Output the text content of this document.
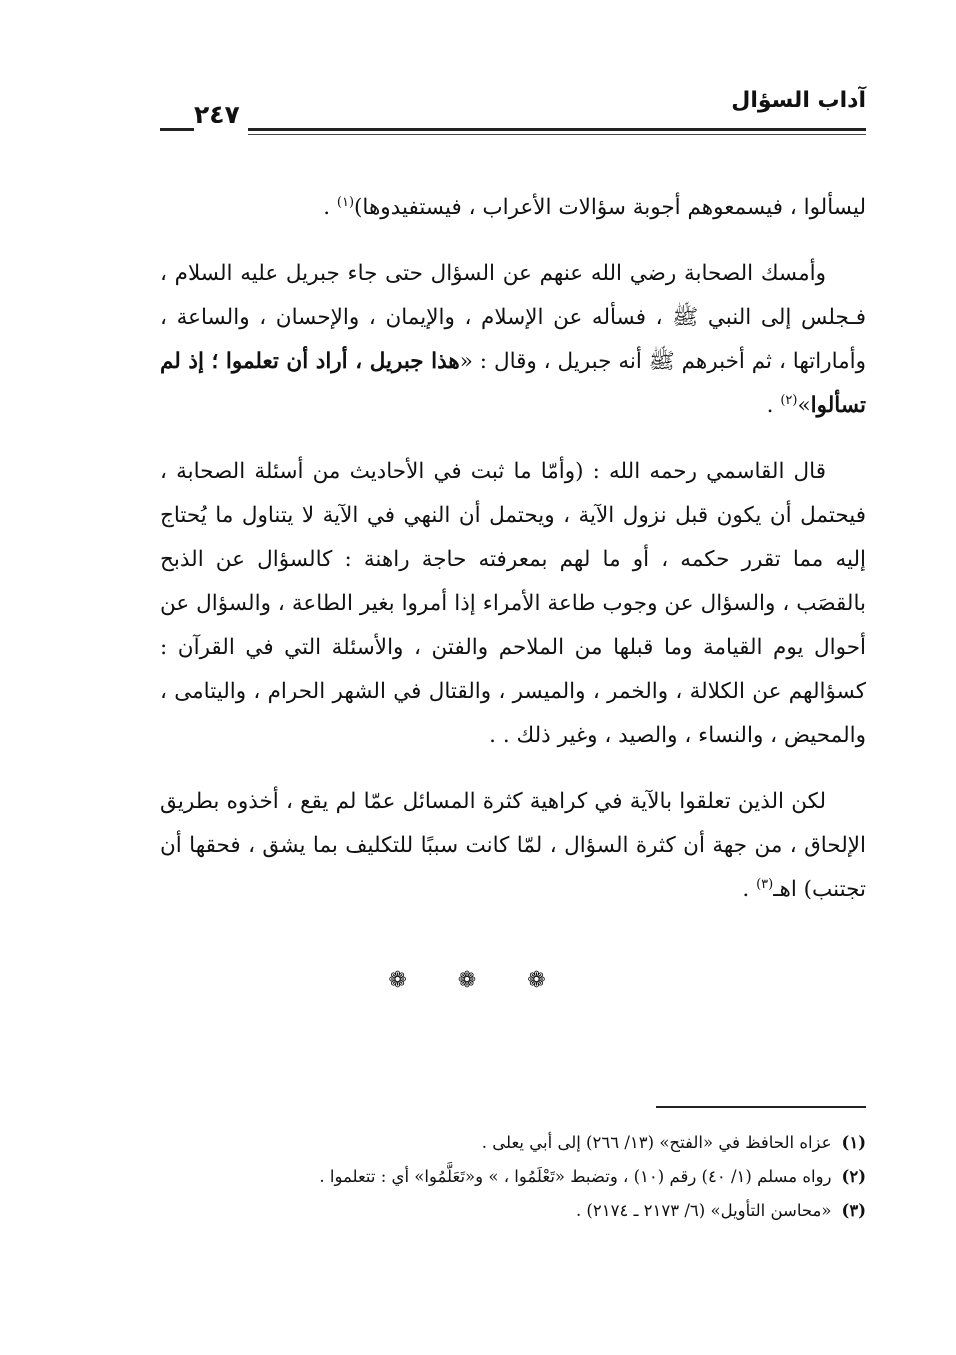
آداب السؤال
٢٤٧

ليسألوا ، فيسمعوهم أجوبة سؤالات الأعراب ، فيستفيدوها)$^{(١)}$ .

وأمسك الصحابة رضي الله عنهم عن السؤال حتى جاء جبريل عليه السلام ، فـجلس إلى النبي ﷺ ، فسأله عن الإسلام ، والإيمان ، والإحسان ، والساعة ، وأماراتها ، ثم أخبرهم ﷺ أنه جبريل ، وقال : «هذا جبريل ، أراد أن تعلموا ؛ إذ لم تسألوا»$^{(٢)}$ .

قال القاسمي رحمه الله : (وأمّا ما ثبت في الأحاديث من أسئلة الصحابة ، فيحتمل أن يكون قبل نزول الآية ، ويحتمل أن النهي في الآية لا يتناول ما يُحتاج إليه مما تقرر حكمه ، أو ما لهم بمعرفته حاجة راهنة : كالسؤال عن الذبح بالقصَب ، والسؤال عن وجوب طاعة الأمراء إذا أمروا بغير الطاعة ، والسؤال عن أحوال يوم القيامة وما قبلها من الملاحم والفتن ، والأسئلة التي في القرآن : كسؤالهم عن الكلالة ، والخمر ، والميسر ، والقتال في الشهر الحرام ، واليتامى ، والمحيض ، والنساء ، والصيد ، وغير ذلك . .

لكن الذين تعلقوا بالآية في كراهية كثرة المسائل عمّا لم يقع ، أخذوه بطريق الإلحاق ، من جهة أن كثرة السؤال ، لمّا كانت سببًا للتكليف بما يشق ، فحقها أن تجتنب) اهـ$^{(٣)}$ .

❁ ❁ ❁
(١)عزاه الحافظ في «الفتح» (١٣/ ٢٦٦) إلى أبي يعلى .
(٢)رواه مسلم (١/ ٤٠) رقم (١٠) ، وتضبط «تَعْلَمُوا ، » و«تَعَلَّمُوا» أي : تتعلموا .
(٣)«محاسن التأويل» (٦/ ٢١٧٣ ـ ٢١٧٤) .
